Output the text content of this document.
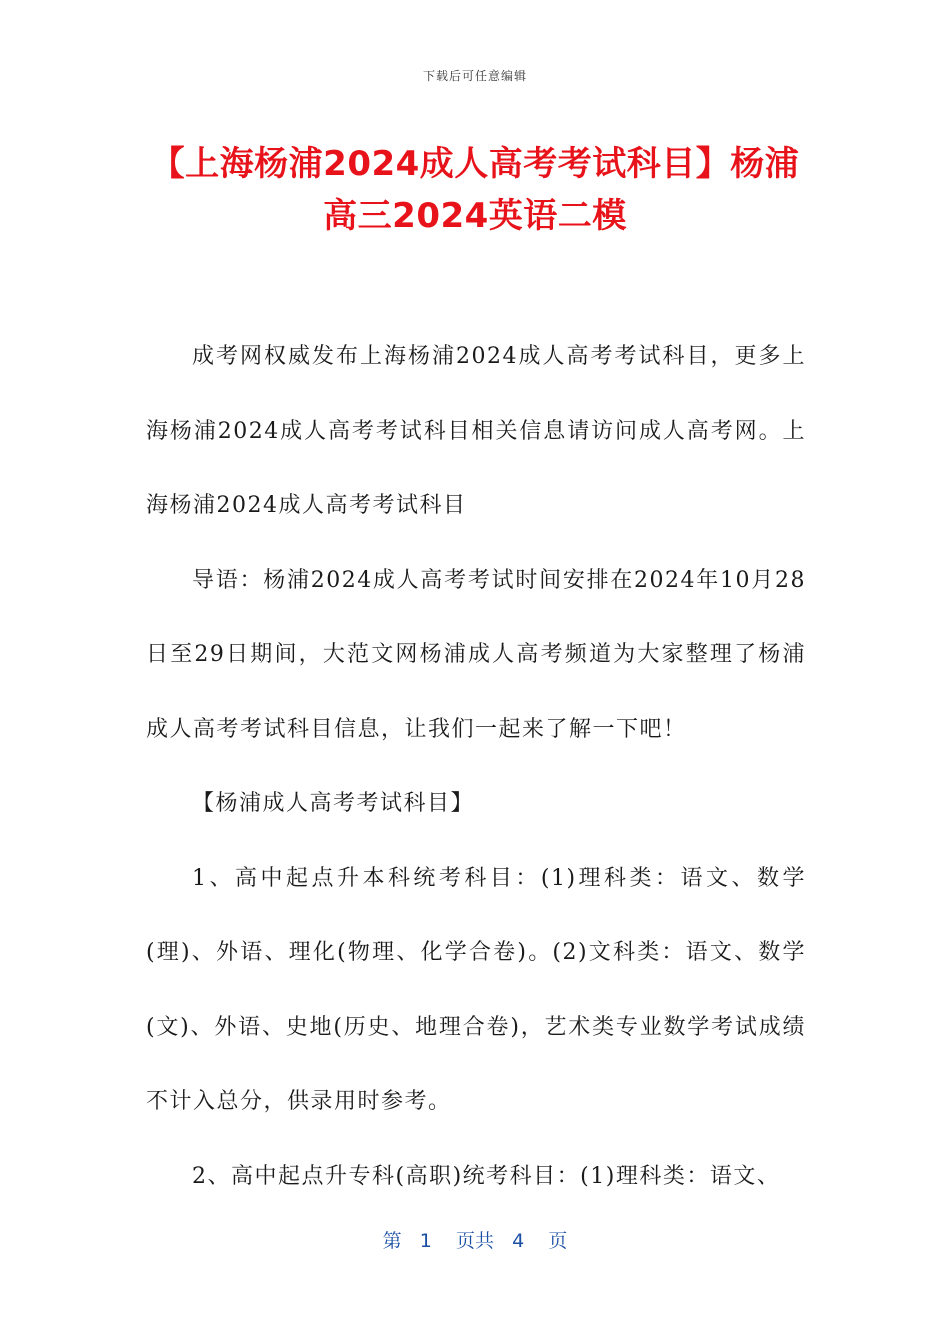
下载后可任意编辑
【上海杨浦2024成人高考考试科目】杨浦高三2024英语二模

成考网权威发布上海杨浦2024成人高考考试科目，更多上海杨浦2024成人高考考试科目相关信息请访问成人高考网。上海杨浦2024成人高考考试科目

导语：杨浦2024成人高考考试时间安排在2024年10月28日至29日期间，大范文网杨浦成人高考频道为大家整理了杨浦成人高考考试科目信息，让我们一起来了解一下吧！

【杨浦成人高考考试科目】

1、高中起点升本科统考科目：(1)理科类：语文、数学(理)、外语、理化(物理、化学合卷)。(2)文科类：语文、数学(文)、外语、史地(历史、地理合卷)，艺术类专业数学考试成绩不计入总分，供录用时参考。

2、高中起点升专科(高职)统考科目：(1)理科类：语文、

第 1 页共 4 页
